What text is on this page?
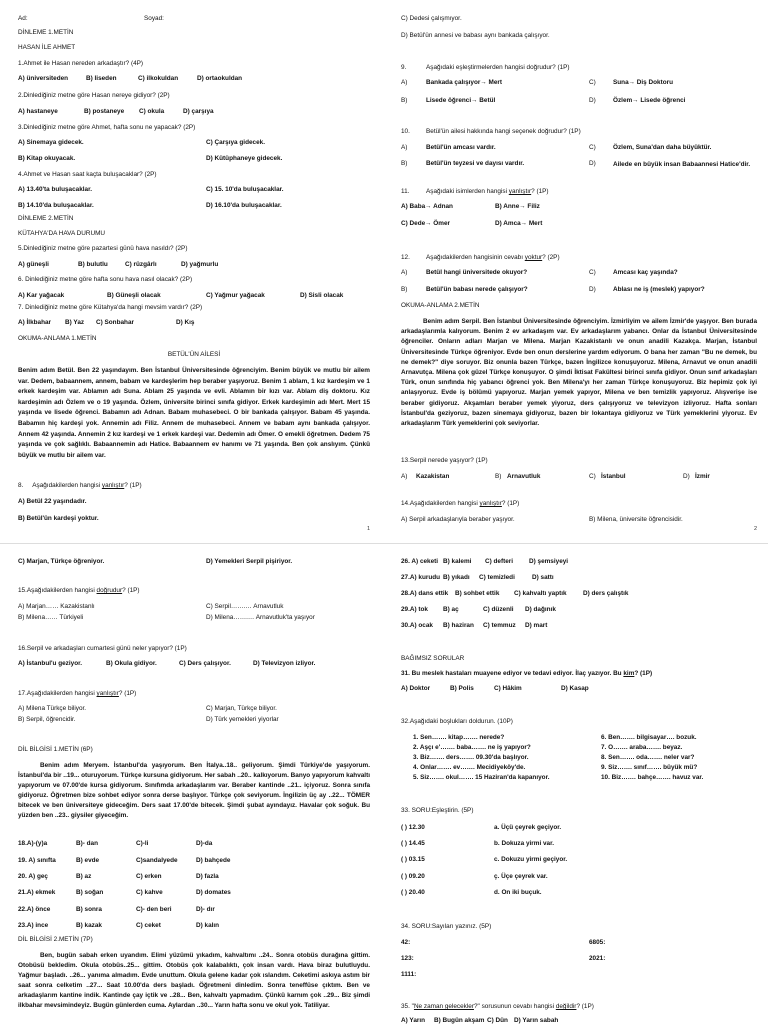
Ad:	Soyad:
DİNLEME 1.METİN
HASAN İLE AHMET
1.Ahmet ile Hasan nereden arkadaştır? (4P)
A) üniversiteden	B) liseden	C) ilkokuldan	D) ortaokuldan
2.Dinlediğiniz metne göre Hasan nereye gidiyor? (2P)
A) hastaneye	B) postaneye C) okula	D) çarşıya
3.Dinlediğiniz metne göre Ahmet, hafta sonu ne yapacak? (2P)
A) Sinemaya gidecek.	C) Çarşıya gidecek.
B) Kitap okuyacak.	D) Kütüphaneye gidecek.
4.Ahmet ve Hasan saat kaçta buluşacaklar? (2P)
A) 13.40'ta buluşacaklar.	C) 15. 10'da buluşacaklar.
B) 14.10'da buluşacaklar.	D) 16.10'da buluşacaklar.
DİNLEME 2.METİN
KÜTAHYA'DA HAVA DURUMU
5.Dinlediğiniz metne göre pazartesi günü hava nasıldı? (2P)
A) güneşli	B) bulutlu	C) rüzgârlı	D) yağmurlu
6. Dinlediğiniz metne göre hafta sonu hava nasıl olacak? (2P)
A) Kar yağacak	B) Güneşli olacak	C) Yağmur yağacak	D) Sisli olacak
7. Dinlediğiniz metne göre Kütahya'da hangi mevsim vardır? (2P)
A) İlkbahar B) Yaz C) Sonbahar	D) Kış
OKUMA-ANLAMA 1.METİN
BETÜL'ÜN AİLESİ
Benim adım Betül. Ben 22 yaşındayım. Ben İstanbul Üniversitesinde öğrenciyim. Benim büyük ve mutlu bir ailem var. Dedem, babaannem, annem, babam ve kardeşlerim hep beraber yaşıyoruz. Benim 1 ablam, 1 kız kardeşim ve 1 erkek kardeşim var. Ablamın adı Suna. Ablam 25 yaşında ve evli. Ablamın bir kızı var. Ablam diş doktoru. Kız kardeşimin adı Özlem ve o 19 yaşında. Özlem, üniversite birinci sınıfa gidiyor. Erkek kardeşimin adı Mert. Mert 15 yaşında ve lisede öğrenci. Babamın adı Adnan. Babam muhasebeci. O bir bankada çalışıyor. Babam 45 yaşında. Babamın hiç kardeşi yok. Annemin adı Filiz. Annem de muhasebeci. Annem ve babam aynı bankada çalışıyor. Annem 42 yaşında. Annemin 2 kız kardeşi ve 1 erkek kardeşi var. Dedemin adı Ömer. O emekli öğretmen. Dedem 75 yaşında ve çok sağlıklı. Babaannemin adı Hatice. Babaannem ev hanımı ve 71 yaşında. Ben çok anslıyım. Çünkü büyük ve mutlu bir ailem var.
8. Aşağıdakilerden hangisi yanlıştır? (1P)
A) Betül 22 yaşındadır.
B) Betül'ün kardeşi yoktur.
1
C) Dedesi çalışmıyor.
D) Betül'ün annesi ve babası aynı bankada çalışıyor.
9.	Aşağıdaki eşleştirmelerden hangisi doğrudur? (1P)
A)	Bankada çalışıyor→ Mert	C)	Suna→ Diş Doktoru
B)	Lisede öğrenci→ Betül	D)	Özlem→ Lisede öğrenci
10.	Betül'ün ailesi hakkında hangi seçenek doğrudur? (1P)
A)	Betül'ün amcası vardır.	C)	Özlem, Suna'dan daha büyüktür.
B)	Betül'ün teyzesi ve dayısı vardır.	D)	Ailede en büyük insan Babaannesi Hatice'dir.
11.	Aşağıdaki isimlerden hangisi yanlıştır? (1P)
A) Baba→ Adnan	B) Anne→ Filiz
C) Dede→ Ömer	D) Amca→ Mert
12.	Aşağıdakilerden hangisinin cevabı yoktur? (2P)
A)	Betül hangi üniversitede okuyor?	C)	Amcası kaç yaşında?
B)	Betül'ün babası nerede çalışıyor?	D)	Ablası ne iş (meslek) yapıyor?
OKUMA-ANLAMA 2.METİN
Benim adım Serpil. Ben İstanbul Üniversitesinde öğrenciyim. İzmirliyim ve ailem İzmir'de yaşıyor. Ben burada arkadaşlarımla kalıyorum. Benim 2 ev arkadaşım var. Ev arkadaşlarım yabancı. Onlar da İstanbul Üniversitesinde öğrenciler. Onların adları Marjan ve Milena. Marjan Kazakistanlı ve onun anadili Kazakça. Marjan, İstanbul Üniversitesinde Türkçe öğreniyor. Evde ben onun derslerine yardım ediyorum. O bana her zaman "Bu ne demek, bu ne demek?" diye soruyor. Biz onunla bazen Türkçe, bazen İngilizce konuşuyoruz. Milena, Arnavut ve onun anadili Arnavutça. Milena çok güzel Türkçe konuşuyor. O şimdi İktisat Fakültesi birinci sınıfa gidiyor. Onun sınıf arkadaşları Türk, onun sınıfında hiç yabancı öğrenci yok. Ben Milena'yı her zaman Türkçe konuşuyoruz. Biz hepimiz çok iyi anlaşıyoruz. Evde iş bölümü yapıyoruz. Marjan yemek yapıyor, Milena ve ben temizlik yapıyoruz. Alışverişe ise beraber gidiyoruz. Akşamları beraber yemek yiyoruz, ders çalışıyoruz ve televizyon izliyoruz. Hafta sonları İstanbul'da geziyoruz, bazen sinemaya gidiyoruz, bazen bir lokantaya gidiyoruz ve Türk yemeklerini yiyoruz. Ev arkadaşlarım Türk yemeklerini çok seviyorlar.
13.Serpil nerede yaşıyor? (1P)
A) Kazakistan	B) Arnavutluk	C) İstanbul	D) İzmir
14.Aşağıdakilerden hangisi yanlıştır? (1P)
A) Serpil arkadaşlarıyla beraber yaşıyor.	B) Milena, üniversite öğrencisidir.
2
C) Marjan, Türkçe öğreniyor.	D) Yemekleri Serpil pişiriyor.
15.Aşağıdakilerden hangisi doğrudur? (1P)
A) Marjan…… Kazakistanlı	C) Serpil…….… Arnavutluk
B) Milena…… Türkiyeli	D) Milena…….… Arnavutluk'ta yaşıyor
16.Serpil ve arkadaşları cumartesi günü neler yapıyor? (1P)
A) İstanbul'u geziyor.	B) Okula gidiyor.	C) Ders çalışıyor.	D) Televizyon izliyor.
17.Aşağıdakilerden hangisi yanlıştır? (1P)
A) Milena Türkçe biliyor.	C) Marjan, Türkçe biliyor.
B) Serpil, öğrencidir.	D) Türk yemekleri yiyorlar
DİL BİLGİSİ 1.METİN (6P)
Benim adım Meryem. İstanbul'da yaşıyorum. Ben İtalya..18.. geliyorum. Şimdi Türkiye'de yaşıyorum. İstanbul'da bir ..19... oturuyorum. Türkçe kursuna gidiyorum. Her sabah ..20.. kalkıyorum. Banyo yapıyorum kahvaltı yapıyorum ve 07.00'de kursa gidiyorum. Sınıfımda arkadaşlarım var. Beraber kantinde ..21.. içiyoruz. Sonra sınıfa gidiyoruz. Öğretmen bize sohbet ediyor sonra derse başlıyor. Türkçe çok seviyorum. İngilizin üç ay ..22... TÖMER bitecek ve ben üniversiteye gideceğim. Ders saat 17.00'de bitecek. Şimdi şubat ayındayız. Havalar çok soğuk. Bu yüzden ben ..23.. giysiler giyeceğim.
18.A)-(y)a	B)- dan	C)-li	D)-da
19. A) sınıfta	B) evde	C)sandalyede	D) bahçede
20. A) geç	B) az	C) erken	D) fazla
21.A) ekmek	B) soğan	C) kahve	D) domates
22.A) önce	B) sonra	C)- den beri	D)- dır
23.A) ince	B) kazak	C) ceket	D) kalın
DİL BİLGİSİ 2.METİN (7P)
Ben, bugün sabah erken uyandım. Elimi yüzümü yıkadım, kahvaltımı ..24.. Sonra otobüs durağına gittim. Otobüsü bekledim. Okula otobüs..25... gittim. Otobüs çok kalabalıktı, çok insan vardı. Hava biraz bulutluydu. Yağmur başladı. ..26... yanıma almadım. Evde unuttum. Okula gelene kadar çok ıslandım. Ceketimi askıya astım bir saat sonra celketim ..27... Saat 10.00'da ders başladı. Öğretmeni dinledim. Sonra teneffüse çıktım. Ben ve arkadaşlarım kantine indik. Kantinde çay içtik ve ..28... Ben, kahvaltı yapmadım. Çünkü karnım çok ..29... Biz şimdi ilkbahar mevsimindeyiz. Bugün günlerden cuma. Aylardan ..30... Yarın hafta sonu ve okul yok. Tatiliyar.
26. A) ceketi B) kalemi C) defteri D) şemsiyeyi
27.A) kurudu B) yıkadı C) temizledi	D) sattı
28.A) dans ettik B) sohbet ettik C) kahvaltı yaptık	D) ders çalıştık
29.A) tok B) aç	C) düzenli D) dağınık
30.A) ocak B) haziran C) temmuz D) mart
BAĞIMSIZ SORULAR
31. Bu meslek hastaları muayene ediyor ve tedavi ediyor. İlaç yazıyor. Bu kim? (1P)
A) Doktor	B) Polis	C) Hâkim	D) Kasap
32.Aşağıdaki boşlukları doldurun. (10P)
1. Sen……. kitap……. nerede?
2. Aşçı e'……. baba……. ne iş yapıyor?
3. Biz……. ders……. 09.30'da başlıyor.
4. Onlar……. ev……. Mecidiyeköy'de.
5. Siz……. okul……. 15 Haziran'da kapanıyor.
6. Ben……. bilgisayar…. bozuk.
7. O……. araba……. beyaz.
8. Sen……. oda……. neler var?
9. Siz……. sınıf……. büyük mü?
10. Biz……. bahçe……. havuz var.
33. SORU:Eşleştirin. (5P)
( ) 12.30
( ) 14.45
( ) 03.15
( ) 09.20
( ) 20.40
a. Üçü çeyrek geçiyor.
b. Dokuza yirmi var.
c. Dokuzu yirmi geçiyor.
ç. Üçe çeyrek var.
d. On iki buçuk.
34. SORU:Sayıları yazınız. (5P)
42:	6805:
123:	2021:
1111:
35. "Ne zaman gelecekler?" sorusunun cevabı hangisi değildir? (1P)
A) Yarın B) Bugün akşam C) Dün D) Yarın sabah
